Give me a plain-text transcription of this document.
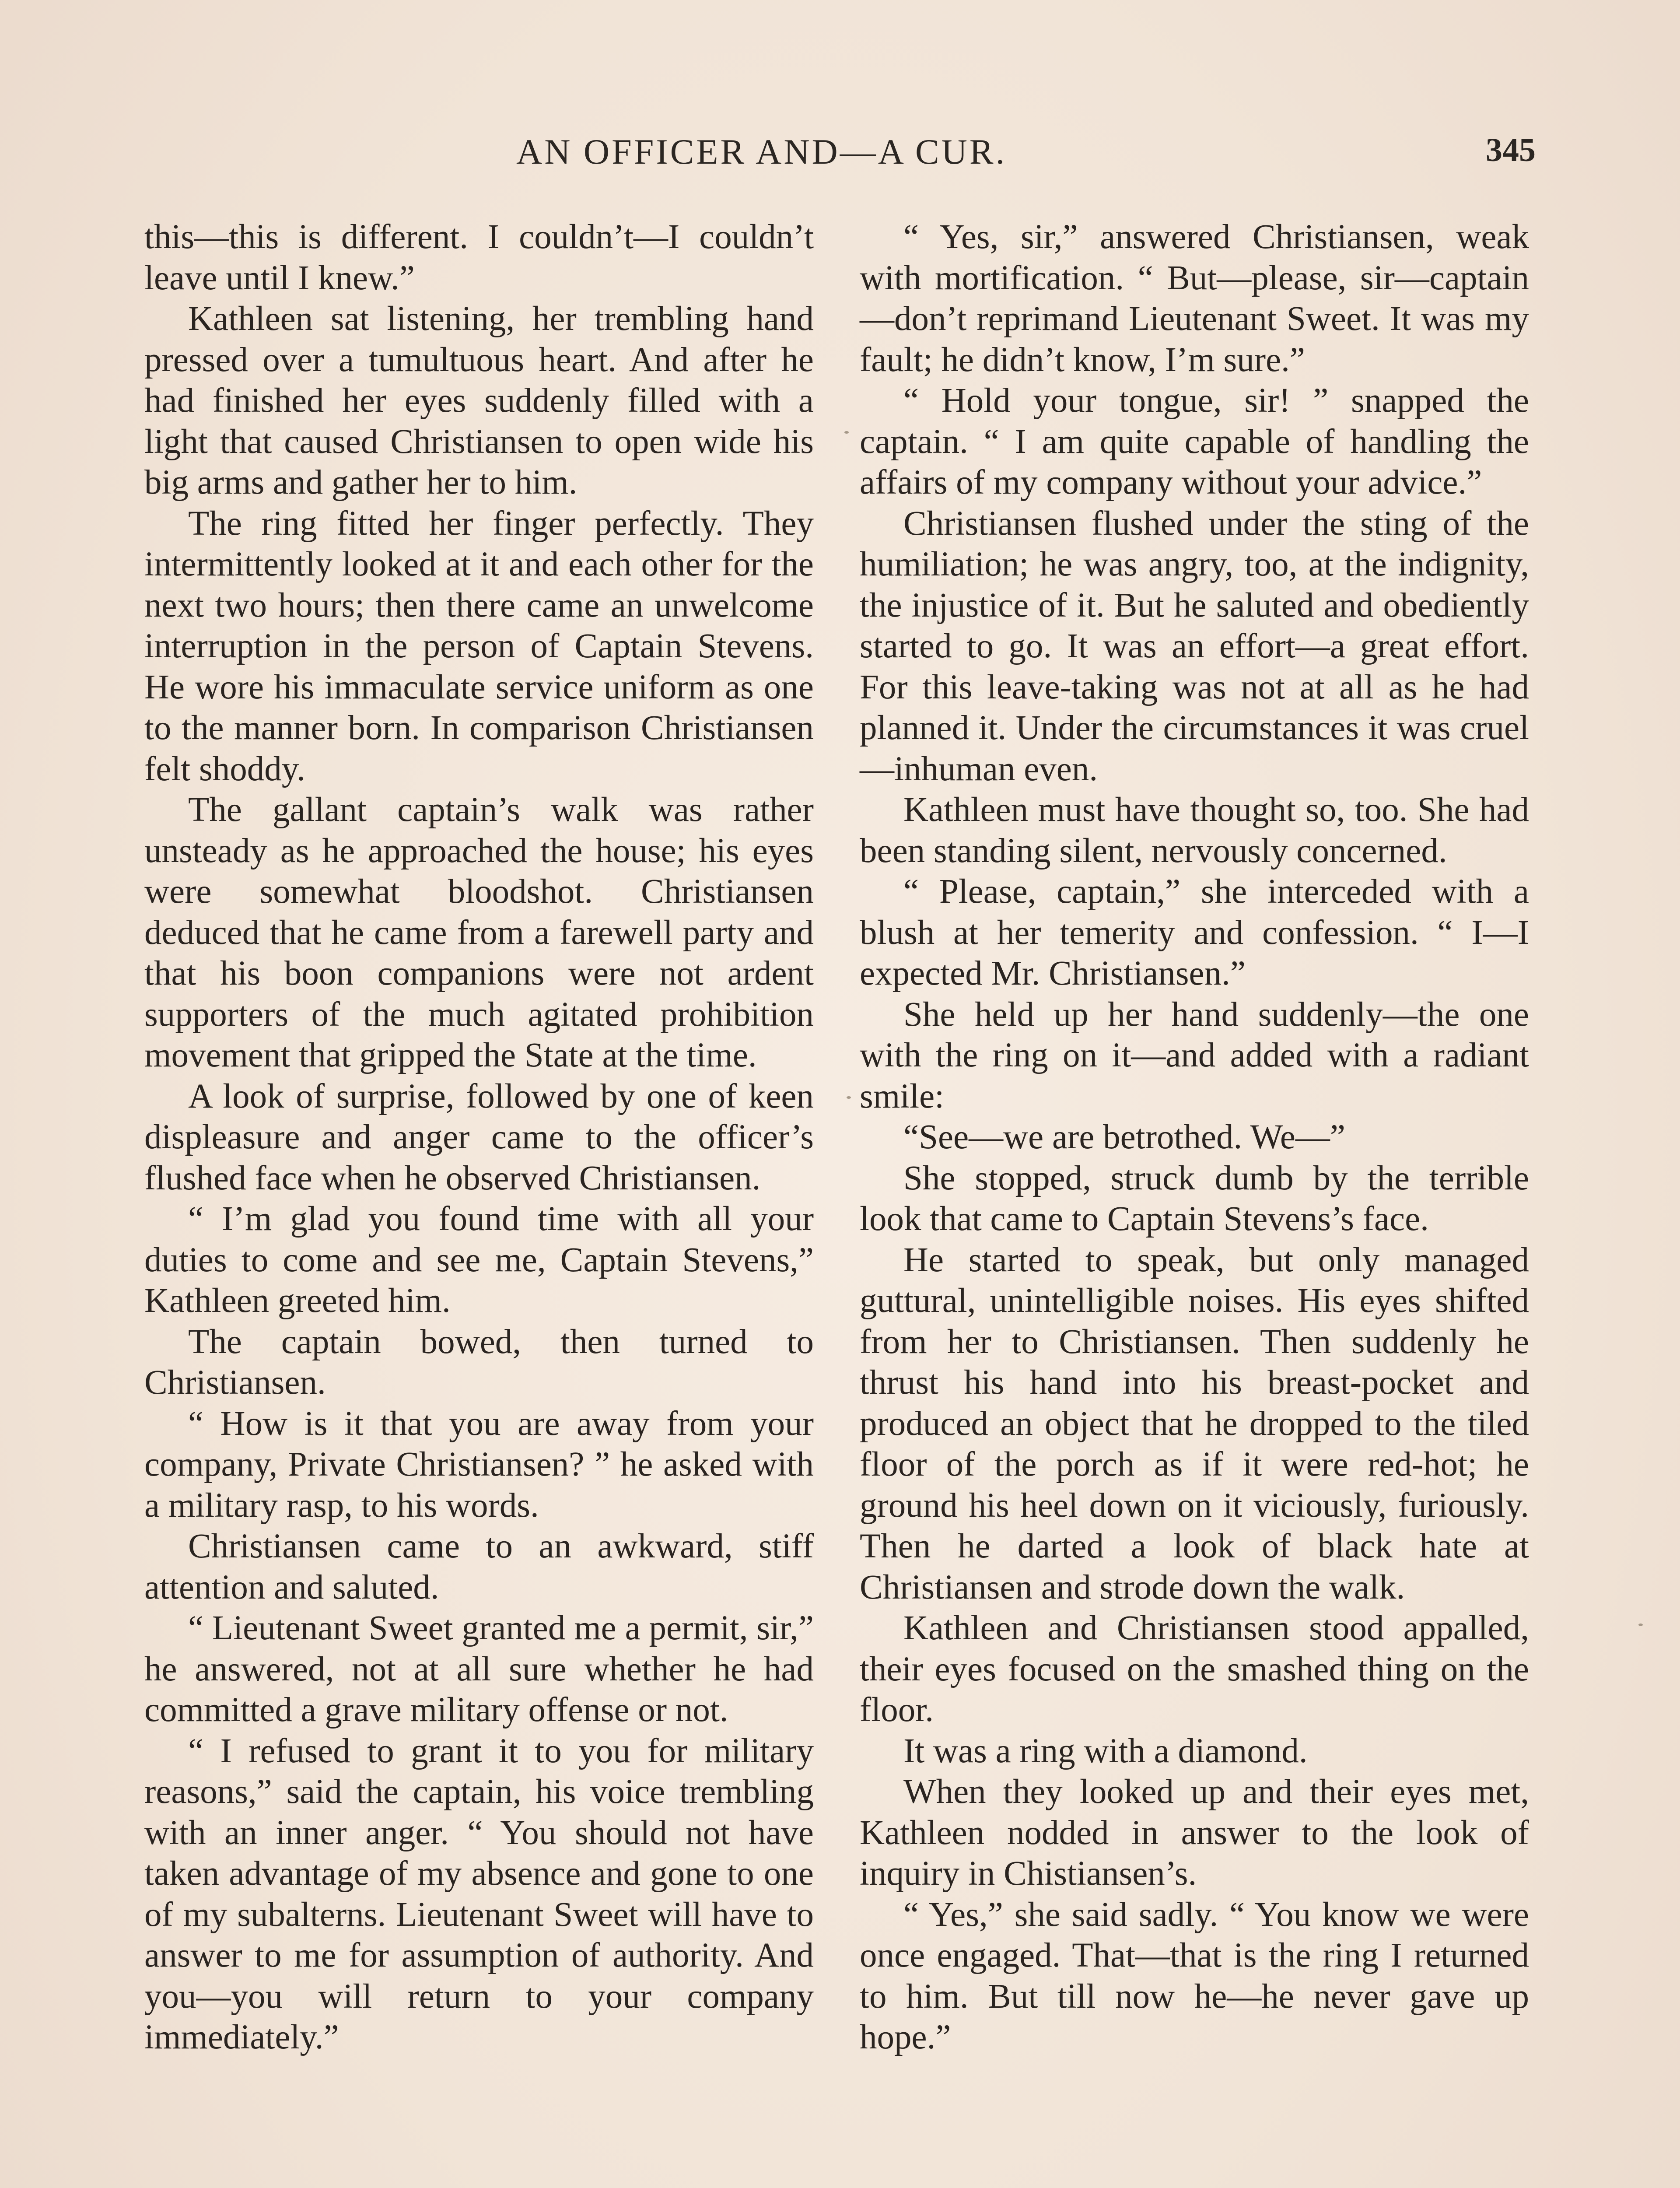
AN OFFICER AND—A CUR.	345

this—this is different. I couldn’t—I couldn’t leave until I knew.”

Kathleen sat listening, her trembling hand pressed over a tumultuous heart. And after he had finished her eyes suddenly filled with a light that caused Christiansen to open wide his big arms and gather her to him.

The ring fitted her finger perfectly. They intermittently looked at it and each other for the next two hours; then there came an unwelcome interruption in the person of Captain Stevens. He wore his immaculate service uniform as one to the manner born. In comparison Christiansen felt shoddy.

The gallant captain’s walk was rather unsteady as he approached the house; his eyes were somewhat bloodshot. Christiansen deduced that he came from a farewell party and that his boon companions were not ardent supporters of the much agitated prohibition movement that gripped the State at the time.

A look of surprise, followed by one of keen displeasure and anger came to the officer’s flushed face when he observed Christiansen.

“ I’m glad you found time with all your duties to come and see me, Captain Stevens,” Kathleen greeted him.

The captain bowed, then turned to Christiansen.

“ How is it that you are away from your company, Private Christiansen? ” he asked with a military rasp, to his words.

Christiansen came to an awkward, stiff attention and saluted.

“ Lieutenant Sweet granted me a permit, sir,” he answered, not at all sure whether he had committed a grave military offense or not.

“ I refused to grant it to you for military reasons,” said the captain, his voice trembling with an inner anger. “ You should not have taken advantage of my absence and gone to one of my subalterns. Lieutenant Sweet will have to answer to me for assumption of authority. And you—you will return to your company immediately.”

“ Yes, sir,” answered Christiansen, weak with mortification. “ But—please, sir—captain—don’t reprimand Lieutenant Sweet. It was my fault; he didn’t know, I’m sure.”

“ Hold your tongue, sir! ” snapped the captain. “ I am quite capable of handling the affairs of my company without your advice.”

Christiansen flushed under the sting of the humiliation; he was angry, too, at the indignity, the injustice of it. But he saluted and obediently started to go. It was an effort—a great effort. For this leave-taking was not at all as he had planned it. Under the circumstances it was cruel—inhuman even.

Kathleen must have thought so, too. She had been standing silent, nervously concerned.

“ Please, captain,” she interceded with a blush at her temerity and confession. “ I—I expected Mr. Christiansen.”

She held up her hand suddenly—the one with the ring on it—and added with a radiant smile:

“See—we are betrothed. We—”

She stopped, struck dumb by the terrible look that came to Captain Stevens’s face.

He started to speak, but only managed guttural, unintelligible noises. His eyes shifted from her to Christiansen. Then suddenly he thrust his hand into his breast-pocket and produced an object that he dropped to the tiled floor of the porch as if it were red-hot; he ground his heel down on it viciously, furiously. Then he darted a look of black hate at Christiansen and strode down the walk.

Kathleen and Christiansen stood appalled, their eyes focused on the smashed thing on the floor.

It was a ring with a diamond.

When they looked up and their eyes met, Kathleen nodded in answer to the look of inquiry in Chistiansen’s.

“ Yes,” she said sadly. “ You know we were once engaged. That—that is the ring I returned to him. But till now he—he never gave up hope.”
